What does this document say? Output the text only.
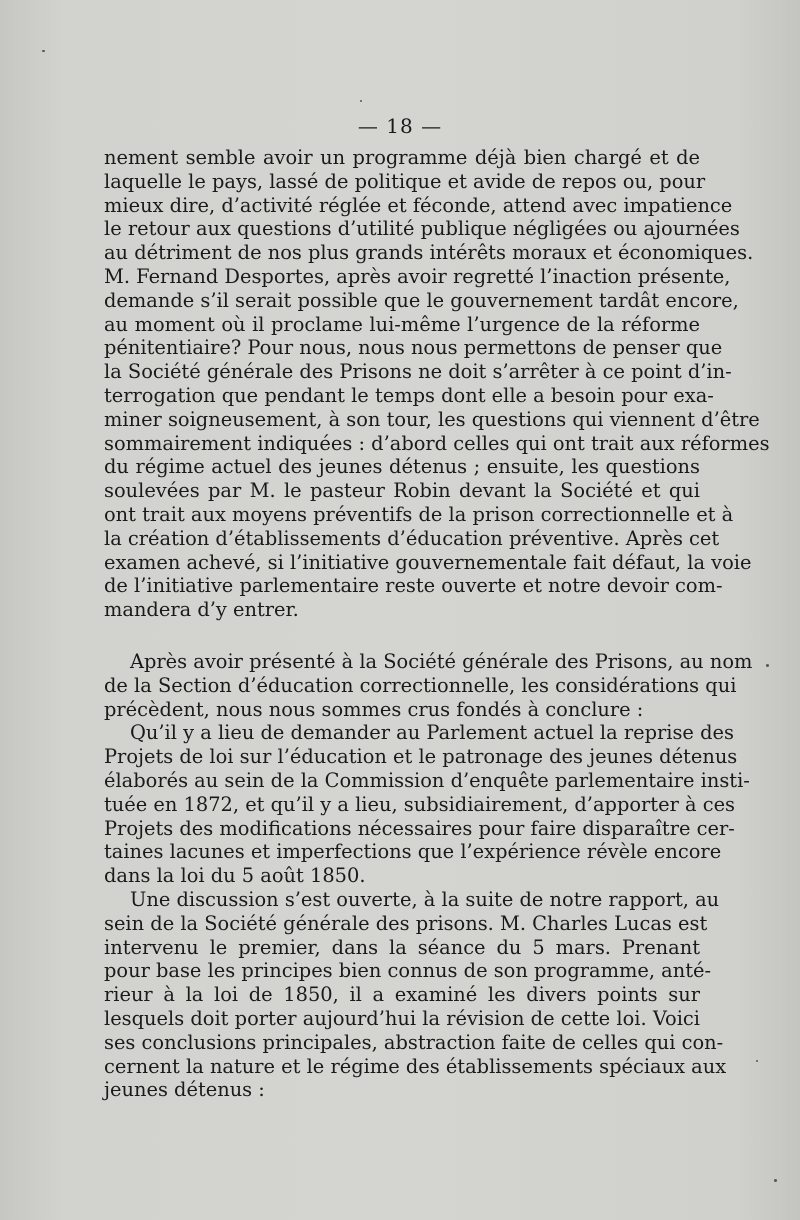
— 18 —
nement semble avoir un programme déjà bien chargé et de
laquelle le pays, lassé de politique et avide de repos ou, pour
mieux dire, d’activité réglée et féconde, attend avec impatience
le retour aux questions d’utilité publique négligées ou ajournées
au détriment de nos plus grands intérêts moraux et économiques.
M. Fernand Desportes, après avoir regretté l’inaction présente,
demande s’il serait possible que le gouvernement tardât encore,
au moment où il proclame lui-même l’urgence de la réforme
pénitentiaire? Pour nous, nous nous permettons de penser que
la Société générale des Prisons ne doit s’arrêter à ce point d’in-
terrogation que pendant le temps dont elle a besoin pour exa-
miner soigneusement, à son tour, les questions qui viennent d’être
sommairement indiquées : d’abord celles qui ont trait aux réformes
du régime actuel des jeunes détenus ; ensuite, les questions
soulevées par M. le pasteur Robin devant la Société et qui
ont trait aux moyens préventifs de la prison correctionnelle et à
la création d’établissements d’éducation préventive. Après cet
examen achevé, si l’initiative gouvernementale fait défaut, la voie
de l’initiative parlementaire reste ouverte et notre devoir com-
mandera d’y entrer.
Après avoir présenté à la Société générale des Prisons, au nom
de la Section d’éducation correctionnelle, les considérations qui
précèdent, nous nous sommes crus fondés à conclure :
Qu’il y a lieu de demander au Parlement actuel la reprise des
Projets de loi sur l’éducation et le patronage des jeunes détenus
élaborés au sein de la Commission d’enquête parlementaire insti-
tuée en 1872, et qu’il y a lieu, subsidiairement, d’apporter à ces
Projets des modifications nécessaires pour faire disparaître cer-
taines lacunes et imperfections que l’expérience révèle encore
dans la loi du 5 août 1850.
Une discussion s’est ouverte, à la suite de notre rapport, au
sein de la Société générale des prisons. M. Charles Lucas est
intervenu le premier, dans la séance du 5 mars. Prenant
pour base les principes bien connus de son programme, anté-
rieur à la loi de 1850, il a examiné les divers points sur
lesquels doit porter aujourd’hui la révision de cette loi. Voici
ses conclusions principales, abstraction faite de celles qui con-
cernent la nature et le régime des établissements spéciaux aux
jeunes détenus :
